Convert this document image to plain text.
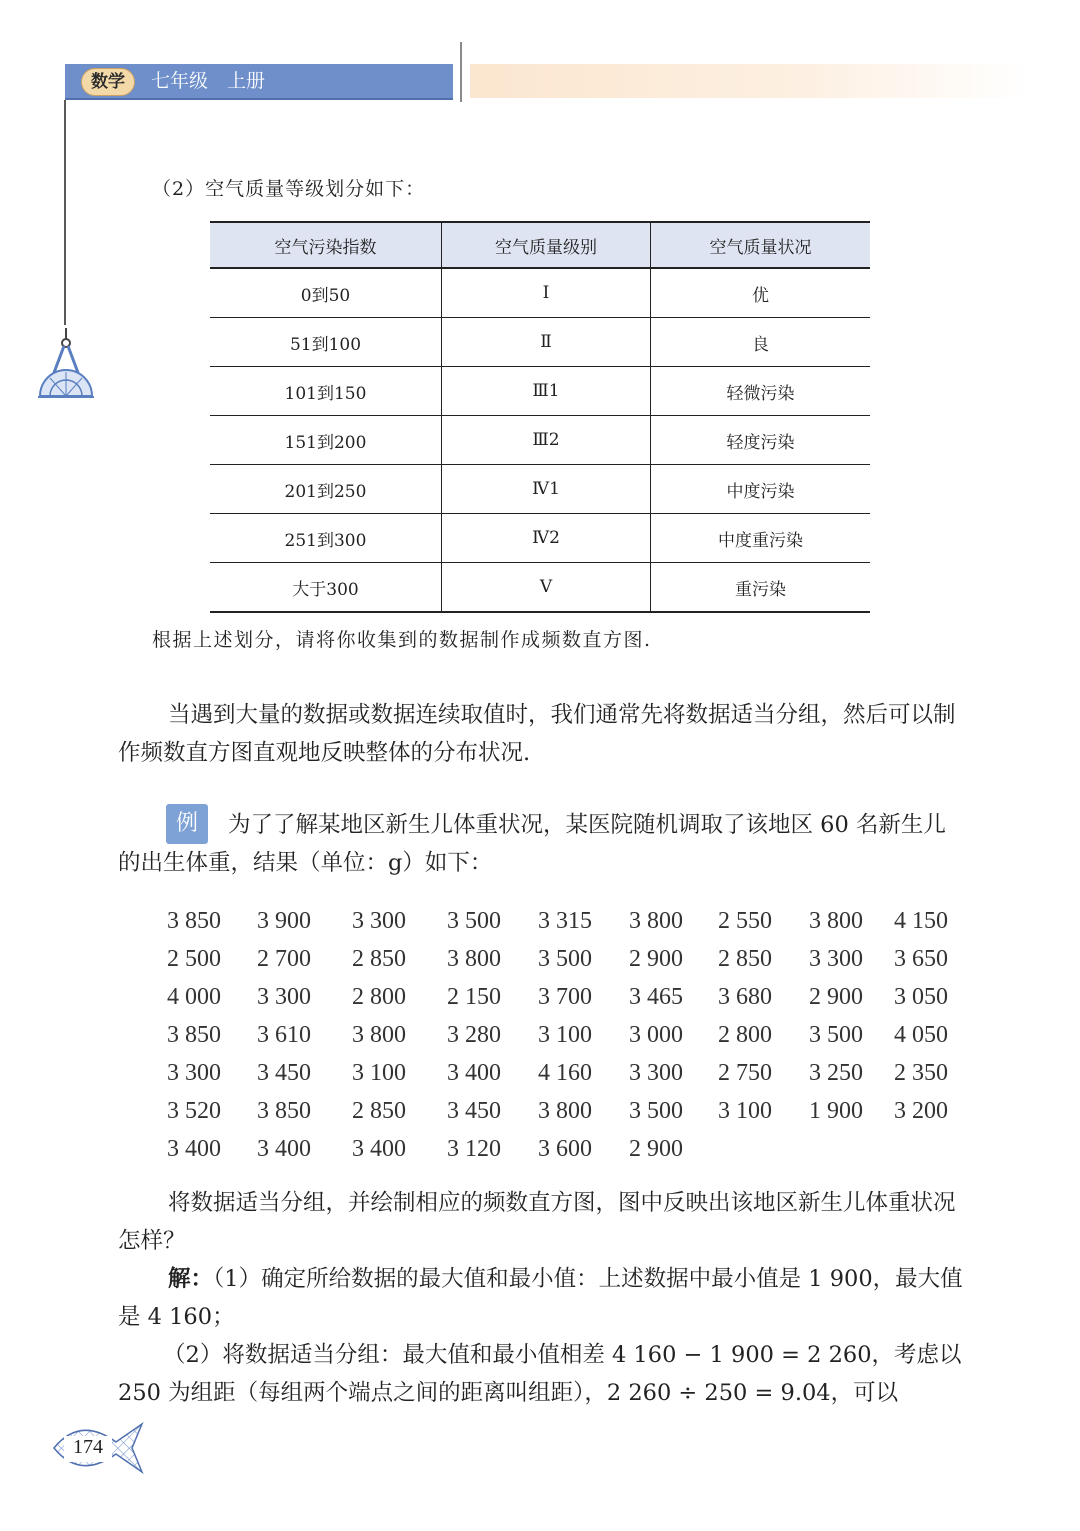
数学	七年级　上册
（2）空气质量等级划分如下：
空气污染指数	空气质量级别	空气质量状况
0到50	Ⅰ	优
51到100	Ⅱ	良
101到150	Ⅲ1	轻微污染
151到200	Ⅲ2	轻度污染
201到250	Ⅳ1	中度污染
251到300	Ⅳ2	中度重污染
大于300	Ⅴ	重污染
根据上述划分，请将你收集到的数据制作成频数直方图.

当遇到大量的数据或数据连续取值时，我们通常先将数据适当分组，然后可以制作频数直方图直观地反映整体的分布状况.

例	为了了解某地区新生儿体重状况，某医院随机调取了该地区 60 名新生儿的出生体重，结果（单位：g）如下：

3 850	3 900	3 300	3 500	3 315	3 800	2 550	3 800	4 150
2 500	2 700	2 850	3 800	3 500	2 900	2 850	3 300	3 650
4 000	3 300	2 800	2 150	3 700	3 465	3 680	2 900	3 050
3 850	3 610	3 800	3 280	3 100	3 000	2 800	3 500	4 050
3 300	3 450	3 100	3 400	4 160	3 300	2 750	3 250	2 350
3 520	3 850	2 850	3 450	3 800	3 500	3 100	1 900	3 200
3 400	3 400	3 400	3 120	3 600	2 900			

将数据适当分组，并绘制相应的频数直方图，图中反映出该地区新生儿体重状况怎样？

解：（1）确定所给数据的最大值和最小值：上述数据中最小值是 1 900，最大值是 4 160；

（2）将数据适当分组：最大值和最小值相差 4 160 − 1 900 = 2 260，考虑以 250 为组距（每组两个端点之间的距离叫组距），2 260 ÷ 250 = 9.04，可以

174
